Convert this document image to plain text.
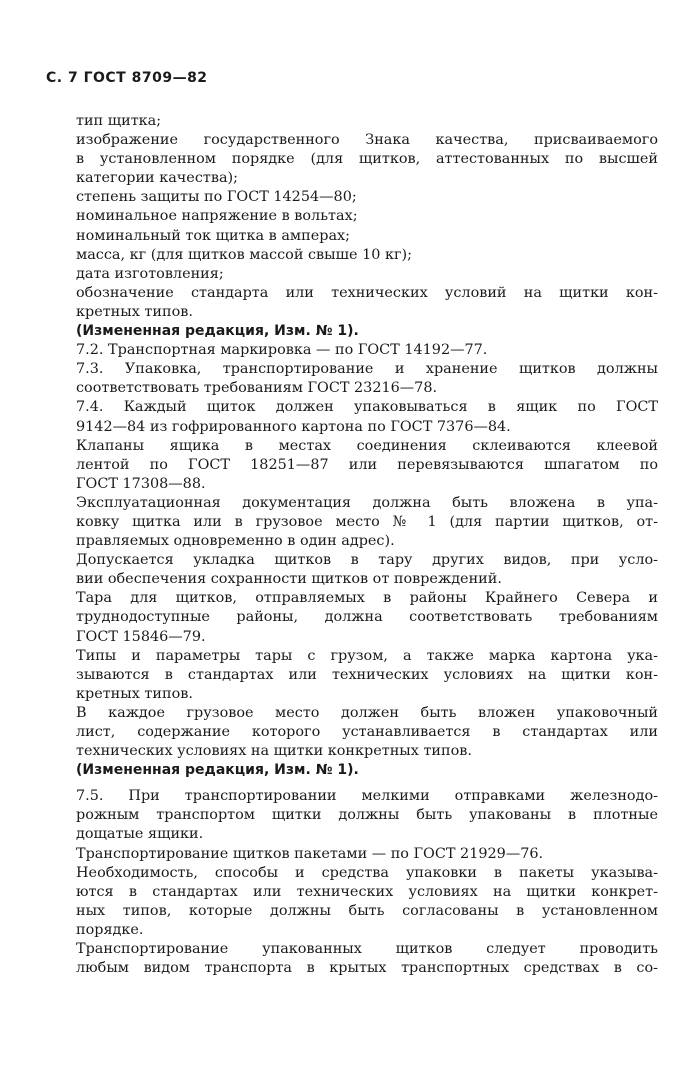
С. 7 ГОСТ 8709—82
тип щитка;
изображение государственного Знака качества, присваиваемого
в установленном порядке (для щитков, аттестованных по высшей
категории качества);
степень защиты по ГОСТ 14254—80;
номинальное напряжение в вольтах;
номинальный ток щитка в амперах;
масса, кг (для щитков массой свыше 10 кг);
дата изготовления;
обозначение стандарта или технических условий на щитки кон-
кретных типов.
(Измененная редакция, Изм. № 1).
7.2. Транспортная маркировка — по ГОСТ 14192—77.
7.3. Упаковка, транспортирование и хранение щитков должны
соответствовать требованиям ГОСТ 23216—78.
7.4. Каждый щиток должен упаковываться в ящик по ГОСТ
9142—84 из гофрированного картона по ГОСТ 7376—84.
Клапаны ящика в местах соединения склеиваются клеевой
лентой по ГОСТ 18251—87 или перевязываются шпагатом по
ГОСТ 17308—88.
Эксплуатационная документация должна быть вложена в упа-
ковку щитка или в грузовое место № 1 (для партии щитков, от-
правляемых одновременно в один адрес).
Допускается укладка щитков в тару других видов, при усло-
вии обеспечения сохранности щитков от повреждений.
Тара для щитков, отправляемых в районы Крайнего Севера и
труднодоступные районы, должна соответствовать требованиям
ГОСТ 15846—79.
Типы и параметры тары с грузом, а также марка картона ука-
зываются в стандартах или технических условиях на щитки кон-
кретных типов.
В каждое грузовое место должен быть вложен упаковочный
лист, содержание которого устанавливается в стандартах или
технических условиях на щитки конкретных типов.
(Измененная редакция, Изм. № 1).
7.5. При транспортировании мелкими отправками железнодо-
рожным транспортом щитки должны быть упакованы в плотные
дощатые ящики.
Транспортирование щитков пакетами — по ГОСТ 21929—76.
Необходимость, способы и средства упаковки в пакеты указыва-
ются в стандартах или технических условиях на щитки конкрет-
ных типов, которые должны быть согласованы в установленном
порядке.
Транспортирование упакованных щитков следует проводить
любым видом транспорта в крытых транспортных средствах в со-
